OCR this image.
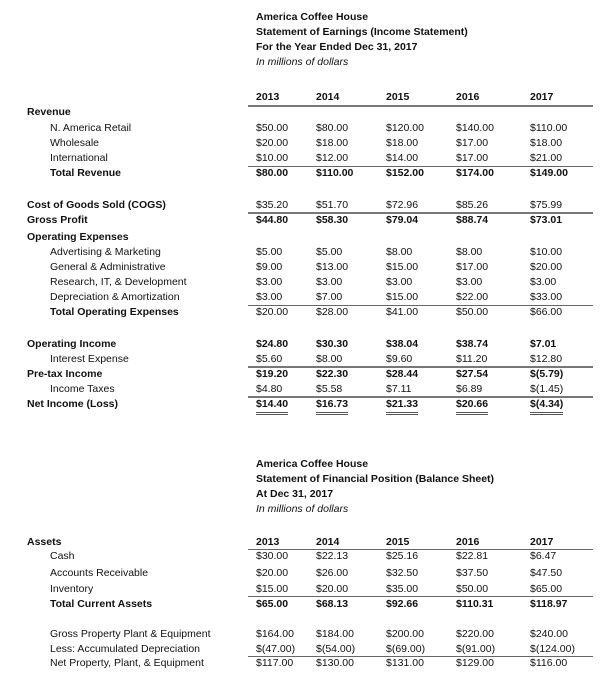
America Coffee House
Statement of Earnings (Income Statement)
For the Year Ended Dec 31, 2017
In millions of dollars
2013	2014	2015	2016	2017
Revenue
N. America Retail	$50.00	$80.00	$120.00	$140.00	$110.00
Wholesale	$20.00	$18.00	$18.00	$17.00	$18.00
International	$10.00	$12.00	$14.00	$17.00	$21.00
Total Revenue	$80.00	$110.00	$152.00	$174.00	$149.00
Cost of Goods Sold (COGS)	$35.20	$51.70	$72.96	$85.26	$75.99
Gross Profit	$44.80	$58.30	$79.04	$88.74	$73.01
Operating Expenses
Advertising & Marketing	$5.00	$5.00	$8.00	$8.00	$10.00
General & Administrative	$9.00	$13.00	$15.00	$17.00	$20.00
Research, IT, & Development	$3.00	$3.00	$3.00	$3.00	$3.00
Depreciation & Amortization	$3.00	$7.00	$15.00	$22.00	$33.00
Total Operating Expenses	$20.00	$28.00	$41.00	$50.00	$66.00
Operating Income	$24.80	$30.30	$38.04	$38.74	$7.01
Interest Expense	$5.60	$8.00	$9.60	$11.20	$12.80
Pre-tax Income	$19.20	$22.30	$28.44	$27.54	$(5.79)
Income Taxes	$4.80	$5.58	$7.11	$6.89	$(1.45)
Net Income (Loss)	$14.40	$16.73	$21.33	$20.66	$(4.34)
America Coffee House
Statement of Financial Position (Balance Sheet)
At Dec 31, 2017
In millions of dollars
Assets	2013	2014	2015	2016	2017
Cash	$30.00	$22.13	$25.16	$22.81	$6.47
Accounts Receivable	$20.00	$26.00	$32.50	$37.50	$47.50
Inventory	$15.00	$20.00	$35.00	$50.00	$65.00
Total Current Assets	$65.00	$68.13	$92.66	$110.31	$118.97
Gross Property Plant & Equipment	$164.00 $184.00	$200.00	$220.00	$240.00
Less: Accumulated Depreciation	$(47.00) $(54.00)	$(69.00)	$(91.00)	$(124.00)
Net Property, Plant, & Equipment	$117.00 $130.00	$131.00	$129.00	$116.00
